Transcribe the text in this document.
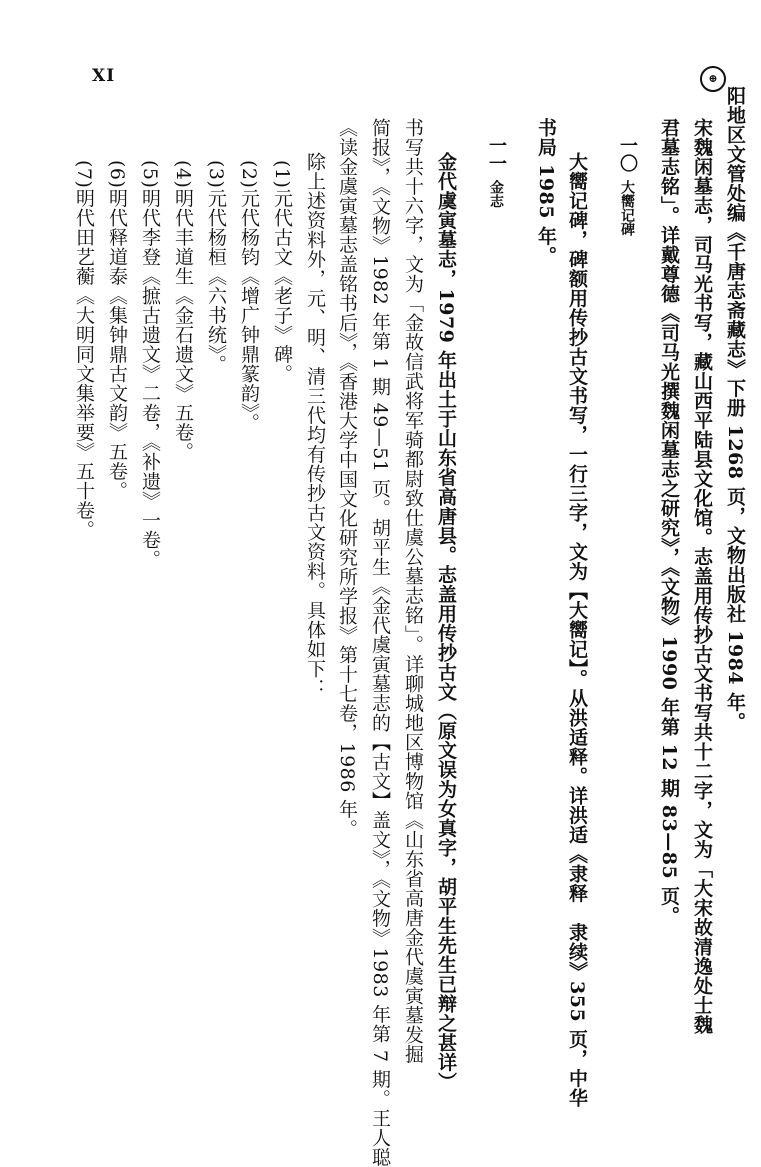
XI	⊕
阳地区文管处编《千唐志斋藏志》下册 1268 页，文物出版社 1984 年。
宋魏闲墓志，司马光书写，藏山西平陆县文化馆。志盖用传抄古文书写共十二字，文为「大宋故清逸处士魏
君墓志铭」。详戴尊德《司马光撰魏闲墓志之研究》，《文物》1990 年第 12 期 83—85 页。
一〇大嚮记碑
大嚮记碑，碑额用传抄古文书写，一行三字，文为【大嚮记】。从洪适释。详洪适《隶释　隶续》355 页，中华
书局 1985 年。
一一金志
金代虞寅墓志，1979 年出土于山东省高唐县。志盖用传抄古文（原文误为女真字，胡平生先生已辩之甚详）
书写共十六字，文为「金故信武将军骑都尉致仕虞公墓志铭」。详聊城地区博物馆《山东省高唐金代虞寅墓发掘
简报》，《文物》1982 年第 1 期 49—51 页。胡平生《金代虞寅墓志的【古文】盖文》，《文物》1983 年第 7 期。王人聪
《读金虞寅墓志盖铭书后》，《香港大学中国文化研究所学报》第十七卷，1986 年。
除上述资料外，元、明、清三代均有传抄古文资料。具体如下：
(1)元代古文《老子》碑。
(2)元代杨钧《增广钟鼎篆韵》。
(3)元代杨桓《六书统》。
(4)明代丰道生《金石遗文》五卷。
(5)明代李登《摭古遗文》二卷，《补遗》一卷。
(6)明代释道泰《集钟鼎古文韵》五卷。
(7)明代田艺蘅《大明同文集举要》五十卷。
